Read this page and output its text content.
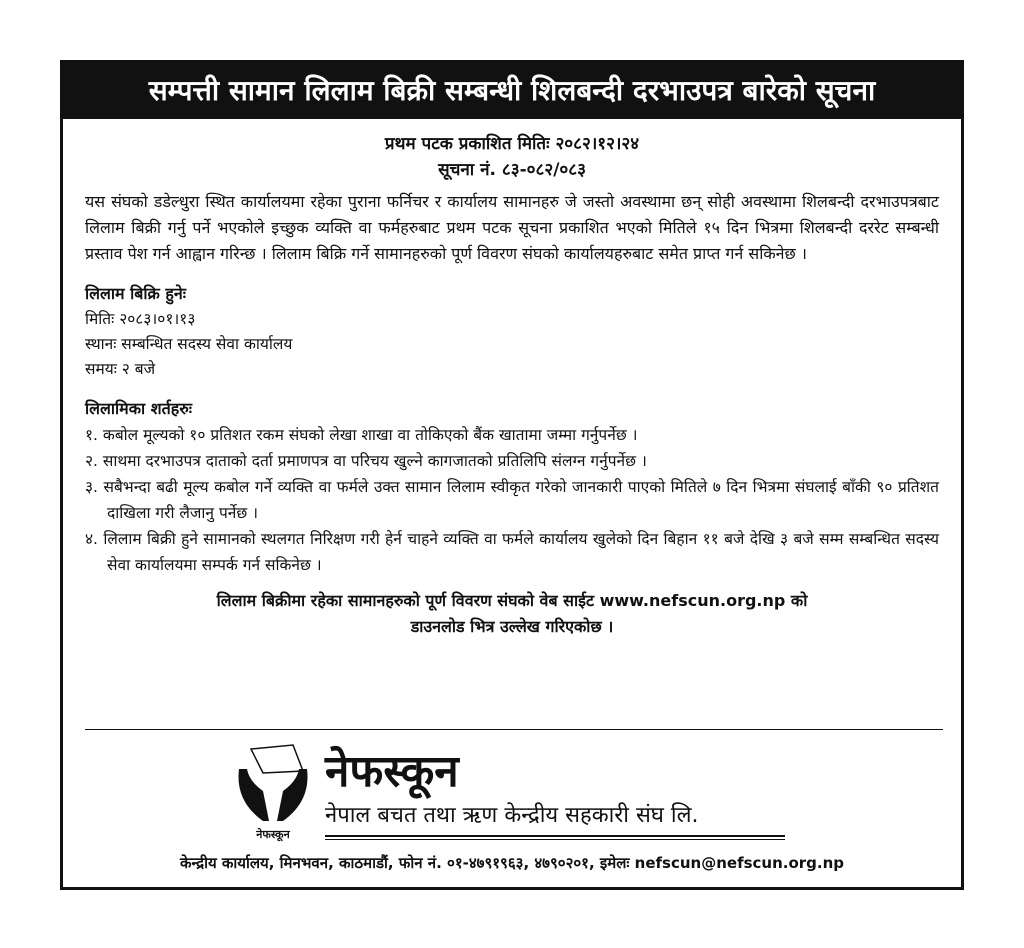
सम्पत्ती सामान लिलाम बिक्री सम्बन्धी शिलबन्दी दरभाउपत्र बारेको सूचना
प्रथम पटक प्रकाशित मितिः २०८२।१२।२४
सूचना नं. ८३-०८२/०८३
यस संघको डडेल्धुरा स्थित कार्यालयमा रहेका पुराना फर्निचर र कार्यालय सामानहरु जे जस्तो अवस्थामा छन् सोही अवस्थामा शिलबन्दी दरभाउपत्रबाट लिलाम बिक्री गर्नु पर्ने भएकोले इच्छुक व्यक्ति वा फर्महरुबाट प्रथम पटक सूचना प्रकाशित भएको मितिले १५ दिन भित्रमा शिलबन्दी दररेट सम्बन्धी प्रस्ताव पेश गर्न आह्वान गरिन्छ । लिलाम बिक्रि गर्ने सामानहरुको पूर्ण विवरण संघको कार्यालयहरुबाट समेत प्राप्त गर्न सकिनेछ ।
लिलाम बिक्रि हुनेः
मितिः २०८३।०१।१३
स्थानः सम्बन्धित सदस्य सेवा कार्यालय
समयः २ बजे
लिलामिका शर्तहरुः
१. कबोल मूल्यको १० प्रतिशत रकम संघको लेखा शाखा वा तोकिएको बैंक खातामा जम्मा गर्नुपर्नेछ ।
२. साथमा दरभाउपत्र दाताको दर्ता प्रमाणपत्र वा परिचय खुल्ने कागजातको प्रतिलिपि संलग्न गर्नुपर्नेछ ।
३. सबैभन्दा बढी मूल्य कबोल गर्ने व्यक्ति वा फर्मले उक्त सामान लिलाम स्वीकृत गरेको जानकारी पाएको मितिले ७ दिन भित्रमा संघलाई बाँकी ९० प्रतिशत दाखिला गरी लैजानु पर्नेछ ।
४. लिलाम बिक्री हुने सामानको स्थलगत निरिक्षण गरी हेर्न चाहने व्यक्ति वा फर्मले कार्यालय खुलेको दिन बिहान ११ बजे देखि ३ बजे सम्म सम्बन्धित सदस्य सेवा कार्यालयमा सम्पर्क गर्न सकिनेछ ।
लिलाम बिक्रीमा रहेका सामानहरुको पूर्ण विवरण संघको वेब साईट www.nefscun.org.np को
डाउनलोड भित्र उल्लेख गरिएकोछ ।
नेफस्कून
नेफस्कून
नेपाल बचत तथा ऋण केन्द्रीय सहकारी संघ लि.
केन्द्रीय कार्यालय, मिनभवन, काठमाडौं, फोन नं. ०१-४७९१९६३, ४७९०२०१, इमेलः nefscun@nefscun.org.np
